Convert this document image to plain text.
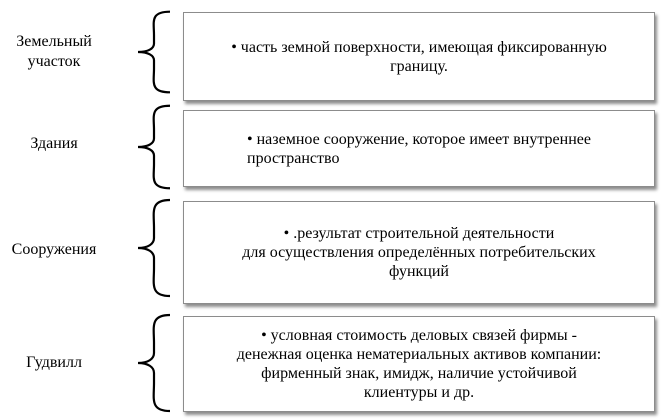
Земельный
участок
Здания
Сооружения
Гудвилл
• часть земной поверхности, имеющая фиксированную
границу.
• наземное сооружение, которое имеет внутреннее
пространство
• .результат строительной деятельности
для осуществления определённых потребительских
функций
• условная стоимость деловых связей фирмы -
денежная оценка нематериальных активов компании:
фирменный знак, имидж, наличие устойчивой
клиентуры и др.
